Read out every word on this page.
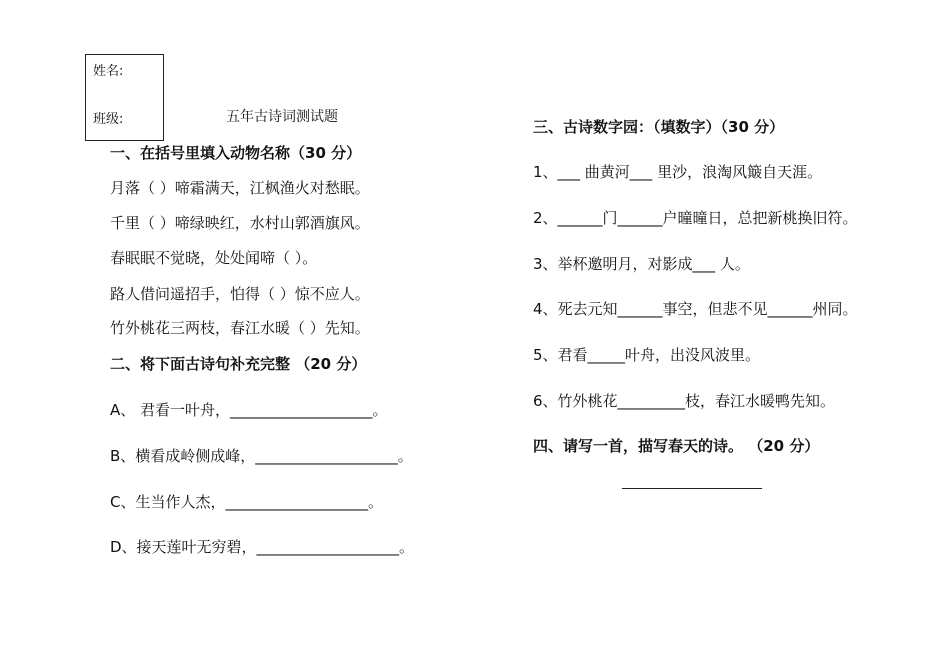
姓名:
班级:	五年古诗词测试题
一、在括号里填入动物名称（30 分）
月落（ ）啼霜满天，江枫渔火对愁眠。
千里（ ）啼绿映红，水村山郭酒旗风。
春眠眠不觉晓，处处闻啼（ ）。
路人借问遥招手，怕得（ ）惊不应人。
竹外桃花三两枝，春江水暖（ ）先知。
二、将下面古诗句补充完整 （20 分）
A、 君看一叶舟，___________________。
B、横看成岭侧成峰，___________________。
C、生当作人杰，___________________。
D、接天莲叶无穷碧，___________________。
三、古诗数字园：（填数字）（30 分）
1、___ 曲黄河___ 里沙，浪淘风簸自天涯。
2、______门______户曈曈日，总把新桃换旧符。
3、举杯邀明月，对影成___ 人。
4、死去元知______事空，但悲不见______州同。
5、君看_____叶舟，出没风波里。
6、竹外桃花_________枝，春江水暖鸭先知。
四、请写一首，描写春天的诗。 （20 分）
